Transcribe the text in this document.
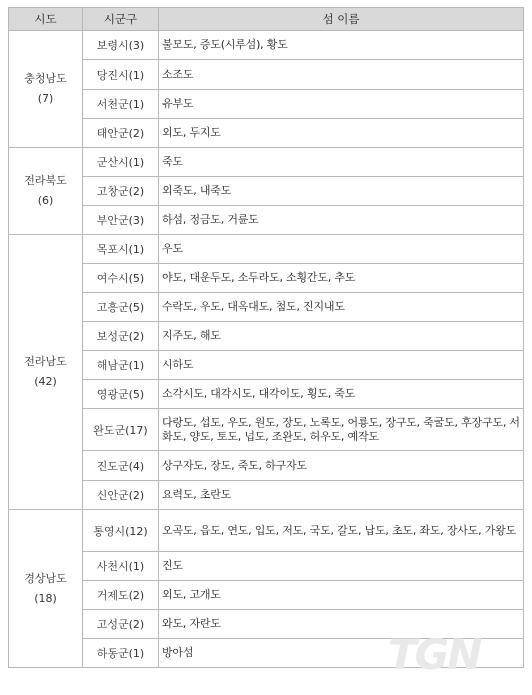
시도	시군구	섬 이름

충청남도
(7)	보령시(3)	불모도, 증도(시루섬), 황도
	당진시(1)	소조도
	서천군(1)	유부도
	태안군(2)	외도, 두지도

전라북도
(6)	군산시(1)	죽도
	고창군(2)	외죽도, 내죽도
	부안군(3)	하섬, 정금도, 거륜도

전라남도
(42)	목포시(1)	우도
	여수시(5)	야도, 대운두도, 소두라도, 소횡간도, 추도
	고흥군(5)	수락도, 우도, 대옥대도, 첨도, 진지내도
	보성군(2)	지주도, 해도
	해남군(1)	시하도
	영광군(5)	소각시도, 대각시도, 대각이도, 횡도, 죽도
	완도군(17)	다랑도, 섭도, 우도, 원도, 장도, 노록도, 어룡도, 장구도, 죽굴도, 후장구도, 서화도, 양도, 토도, 넙도, 조완도, 허우도, 예작도
	진도군(4)	상구자도, 장도, 죽도, 하구자도
	신안군(2)	요력도, 초란도

경상남도
(18)	통영시(12)	오곡도, 읍도, 연도, 입도, 저도, 국도, 갈도, 납도, 초도, 좌도, 장사도, 가왕도
	사천시(1)	진도
	거제도(2)	외도, 고개도
	고성군(2)	와도, 자란도
	하동군(1)	방아섬	TGN
